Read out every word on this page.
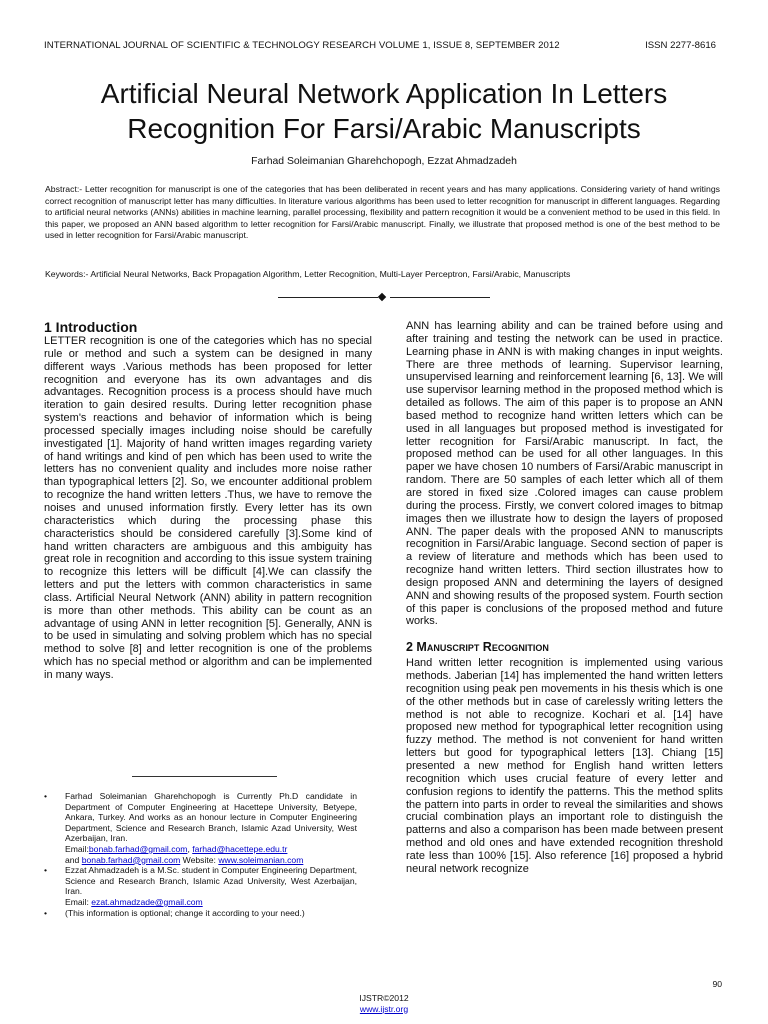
INTERNATIONAL JOURNAL OF SCIENTIFIC & TECHNOLOGY RESEARCH VOLUME 1, ISSUE 8, SEPTEMBER 2012	ISSN 2277-8616
Artificial Neural Network Application In Letters
Recognition For Farsi/Arabic Manuscripts
Farhad Soleimanian Gharehchopogh, Ezzat Ahmadzadeh

Abstract:- Letter recognition for manuscript is one of the categories that has been deliberated in recent years and has many applications. Considering variety of hand writings correct recognition of manuscript letter has many difficulties. In literature various algorithms has been used to letter recognition for manuscript in different languages. Regarding to artificial neural networks (ANNs) abilities in machine learning, parallel processing, flexibility and pattern recognition it would be a convenient method to be used in this field. In this paper, we proposed an ANN based algorithm to letter recognition for Farsi/Arabic manuscript. Finally, we illustrate that proposed method is one of the best method to be used in letter recognition for Farsi/Arabic manuscript.

Keywords:- Artificial Neural Networks, Back Propagation Algorithm, Letter Recognition, Multi-Layer Perceptron, Farsi/Arabic, Manuscripts

1 Introduction

LETTER recognition is one of the categories which has no special rule or method and such a system can be designed in many different ways .Various methods has been proposed for letter recognition and everyone has its own advantages and dis advantages. Recognition process is a process should have much iteration to gain desired results. During letter recognition phase system's reactions and behavior of information which is being processed specially images including noise should be carefully investigated [1]. Majority of hand written images regarding variety of hand writings and kind of pen which has been used to write the letters has no convenient quality and includes more noise rather than typographical letters [2]. So, we encounter additional problem to recognize the hand written letters .Thus, we have to remove the noises and unused information firstly. Every letter has its own characteristics which during the processing phase this characteristics should be considered carefully [3].Some kind of hand written characters are ambiguous and this ambiguity has great role in recognition and according to this issue system training to recognize this letters will be difficult [4].We can classify the letters and put the letters with common characteristics in same class. Artificial Neural Network (ANN) ability in pattern recognition is more than other methods. This ability can be count as an advantage of using ANN in letter recognition [5]. Generally, ANN is to be used in simulating and solving problem which has no special method to solve [8] and letter recognition is one of the problems which has no special method or algorithm and can be implemented in many ways.

• Farhad Soleimanian Gharehchopogh is Currently Ph.D candidate in Department of Computer Engineering at Hacettepe University, Betyepe, Ankara, Turkey. And works as an honour lecture in Computer Engineering Department, Science and Research Branch, Islamic Azad University, West Azerbaijan, Iran.
Email:bonab.farhad@gmail.com, farhad@hacettepe.edu.tr
and bonab.farhad@gmail.com Website: www.soleimanian.com
• Ezzat Ahmadzadeh is a M.Sc. student in Computer Engineering Department, Science and Research Branch, Islamic Azad University, West Azerbaijan, Iran.
Email: ezat.ahmadzade@gmail.com
• (This information is optional; change it according to your need.)

ANN has learning ability and can be trained before using and after training and testing the network can be used in practice. Learning phase in ANN is with making changes in input weights. There are three methods of learning. Supervisor learning, unsupervised learning and reinforcement learning [6, 13]. We will use supervisor learning method in the proposed method which is detailed as follows. The aim of this paper is to propose an ANN based method to recognize hand written letters which can be used in all languages but proposed method is investigated for letter recognition for Farsi/Arabic manuscript. In fact, the proposed method can be used for all other languages. In this paper we have chosen 10 numbers of Farsi/Arabic manuscript in random. There are 50 samples of each letter which all of them are stored in fixed size .Colored images can cause problem during the process. Firstly, we convert colored images to bitmap images then we illustrate how to design the layers of proposed ANN. The paper deals with the proposed ANN to manuscripts recognition in Farsi/Arabic language. Second section of paper is a review of literature and methods which has been used to recognize hand written letters. Third section illustrates how to design proposed ANN and determining the layers of designed ANN and showing results of the proposed system. Fourth section of this paper is conclusions of the proposed method and future works.

2 Manuscript Recognition

Hand written letter recognition is implemented using various methods. Jaberian [14] has implemented the hand written letters recognition using peak pen movements in his thesis which is one of the other methods but in case of carelessly writing letters the method is not able to recognize. Kochari et al. [14] have proposed new method for typographical letter recognition using fuzzy method. The method is not convenient for hand written letters but good for typographical letters [13]. Chiang [15] presented a new method for English hand written letters recognition which uses crucial feature of every letter and confusion regions to identify the patterns. This the method splits the pattern into parts in order to reveal the similarities and shows crucial combination plays an important role to distinguish the patterns and also a comparison has been made between present method and old ones and have extended recognition threshold rate less than 100% [15]. Also reference [16] proposed a hybrid neural network recognize

90
IJSTR©2012
www.ijstr.org
